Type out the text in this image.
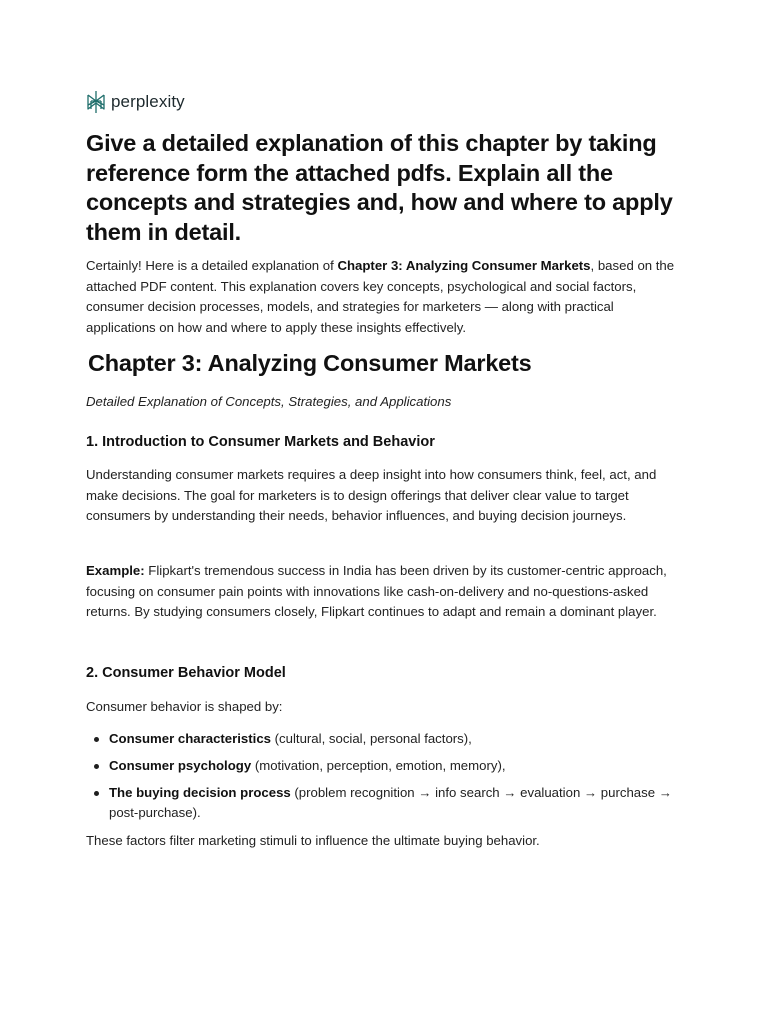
perplexity
Give a detailed explanation of this chapter by taking reference form the attached pdfs. Explain all the concepts and strategies and, how and where to apply them in detail.

Certainly! Here is a detailed explanation of Chapter 3: Analyzing Consumer Markets, based on the attached PDF content. This explanation covers key concepts, psychological and social factors, consumer decision processes, models, and strategies for marketers — along with practical applications on how and where to apply these insights effectively.

Chapter 3: Analyzing Consumer Markets

Detailed Explanation of Concepts, Strategies, and Applications

1. Introduction to Consumer Markets and Behavior

Understanding consumer markets requires a deep insight into how consumers think, feel, act, and make decisions. The goal for marketers is to design offerings that deliver clear value to target consumers by understanding their needs, behavior influences, and buying decision journeys.

Example: Flipkart's tremendous success in India has been driven by its customer-centric approach, focusing on consumer pain points with innovations like cash-on-delivery and no-questions-asked returns. By studying consumers closely, Flipkart continues to adapt and remain a dominant player.

2. Consumer Behavior Model

Consumer behavior is shaped by:

Consumer characteristics (cultural, social, personal factors),
Consumer psychology (motivation, perception, emotion, memory),
The buying decision process (problem recognition → info search → evaluation → purchase → post-purchase).

These factors filter marketing stimuli to influence the ultimate buying behavior.
